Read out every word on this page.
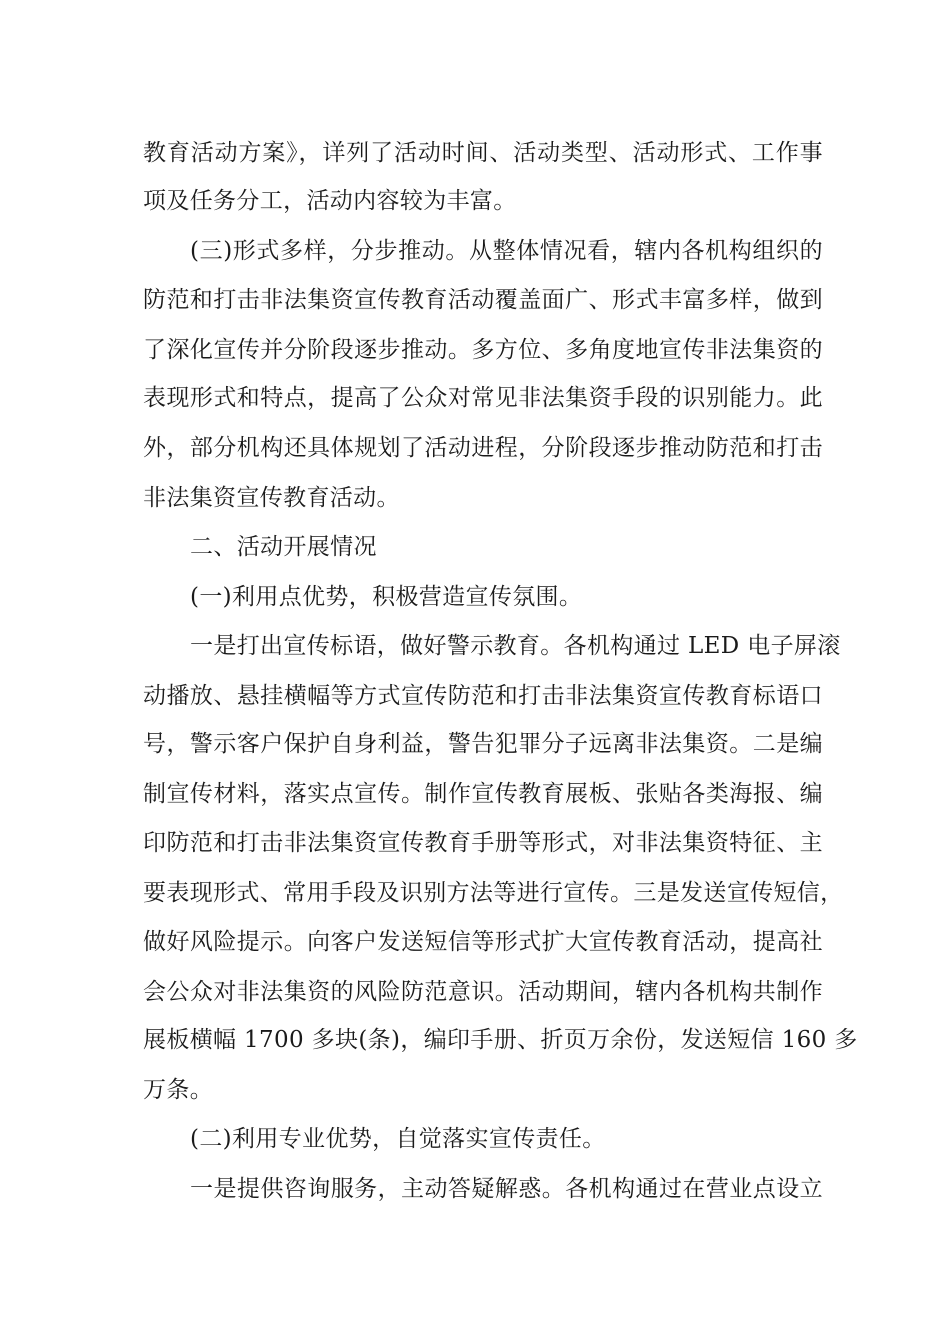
教育活动方案》，详列了活动时间、活动类型、活动形式、工作事
项及任务分工，活动内容较为丰富。
(三)形式多样，分步推动。从整体情况看，辖内各机构组织的
防范和打击非法集资宣传教育活动覆盖面广、形式丰富多样，做到
了深化宣传并分阶段逐步推动。多方位、多角度地宣传非法集资的
表现形式和特点，提高了公众对常见非法集资手段的识别能力。此
外，部分机构还具体规划了活动进程，分阶段逐步推动防范和打击
非法集资宣传教育活动。
二、活动开展情况
(一)利用点优势，积极营造宣传氛围。
一是打出宣传标语，做好警示教育。各机构通过 LED 电子屏滚
动播放、悬挂横幅等方式宣传防范和打击非法集资宣传教育标语口
号，警示客户保护自身利益，警告犯罪分子远离非法集资。二是编
制宣传材料，落实点宣传。制作宣传教育展板、张贴各类海报、编
印防范和打击非法集资宣传教育手册等形式，对非法集资特征、主
要表现形式、常用手段及识别方法等进行宣传。三是发送宣传短信，
做好风险提示。向客户发送短信等形式扩大宣传教育活动，提高社
会公众对非法集资的风险防范意识。活动期间，辖内各机构共制作
展板横幅 1700 多块(条)，编印手册、折页万余份，发送短信 160 多
万条。
(二)利用专业优势，自觉落实宣传责任。
一是提供咨询服务，主动答疑解惑。各机构通过在营业点设立
